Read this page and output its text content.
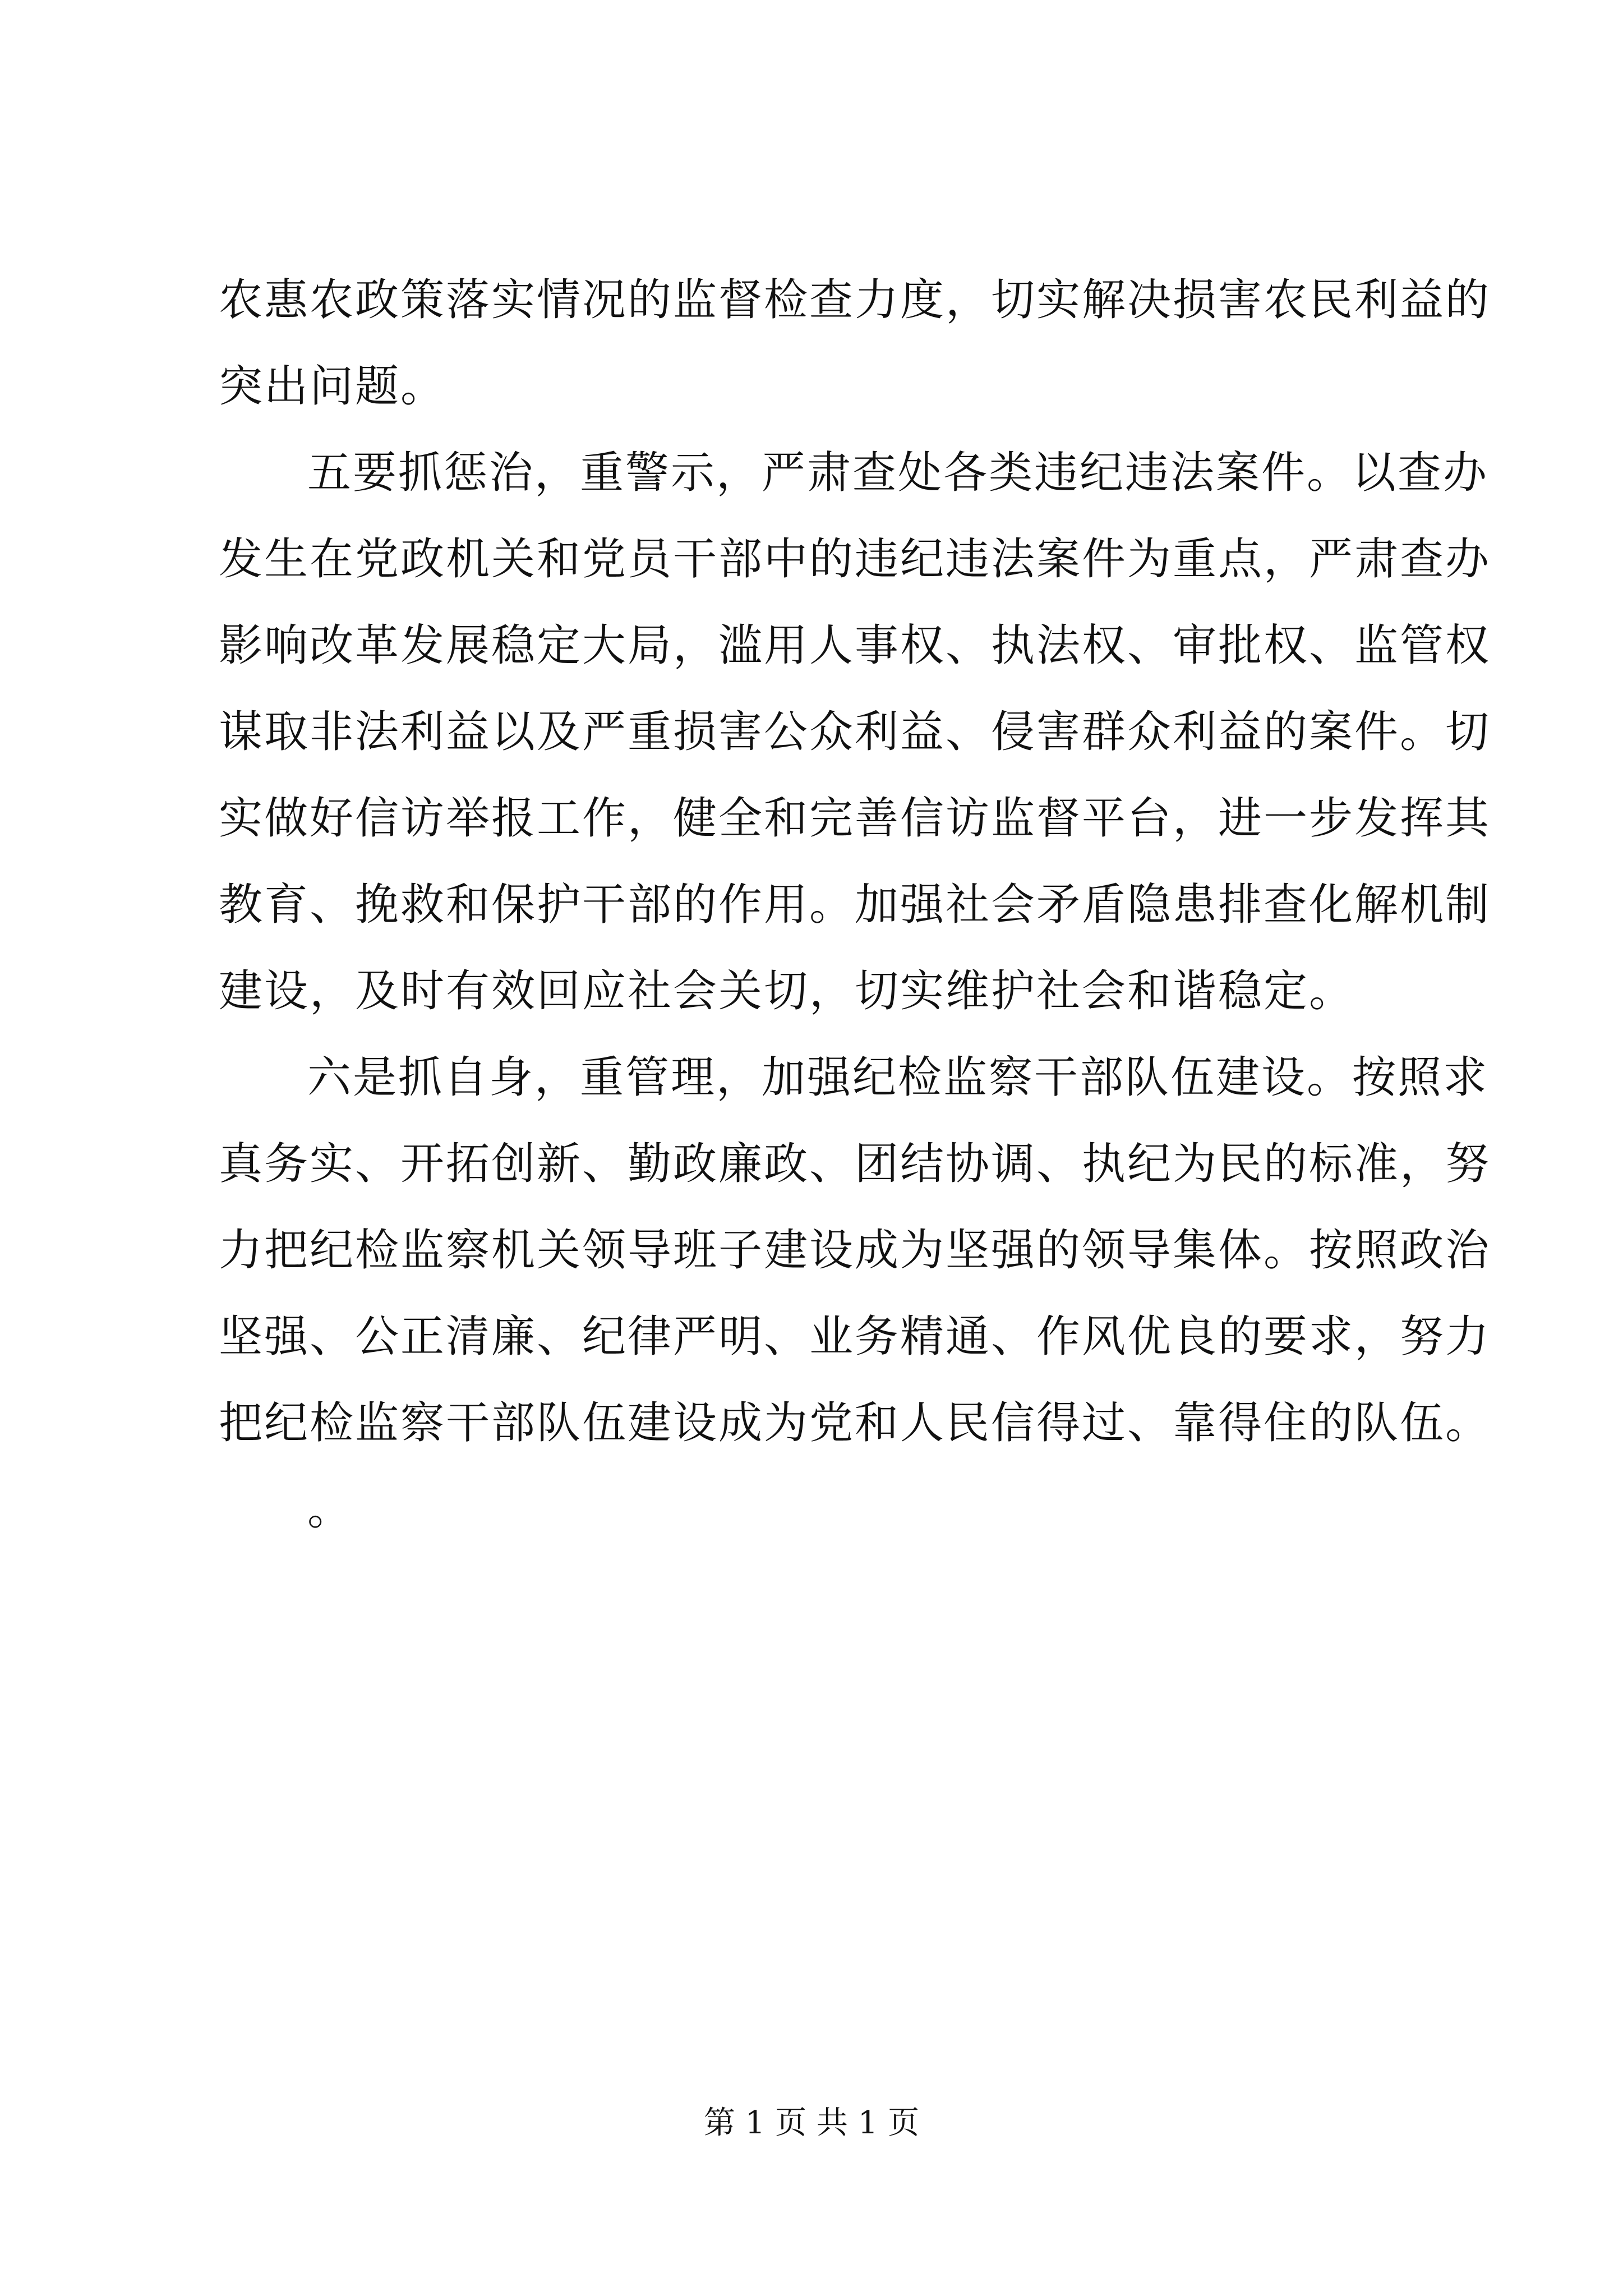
农惠农政策落实情况的监督检查力度，切实解决损害农民利益的
突出问题。
五要抓惩治，重警示，严肃查处各类违纪违法案件。以查办
发生在党政机关和党员干部中的违纪违法案件为重点，严肃查办
影响改革发展稳定大局，滥用人事权、执法权、审批权、监管权
谋取非法利益以及严重损害公众利益、侵害群众利益的案件。切
实做好信访举报工作，健全和完善信访监督平台，进一步发挥其
教育、挽救和保护干部的作用。加强社会矛盾隐患排查化解机制
建设，及时有效回应社会关切，切实维护社会和谐稳定。
六是抓自身，重管理，加强纪检监察干部队伍建设。按照求
真务实、开拓创新、勤政廉政、团结协调、执纪为民的标准，努
力把纪检监察机关领导班子建设成为坚强的领导集体。按照政治
坚强、公正清廉、纪律严明、业务精通、作风优良的要求，努力
把纪检监察干部队伍建设成为党和人民信得过、靠得住的队伍。
。
第 1 页 共 1 页
